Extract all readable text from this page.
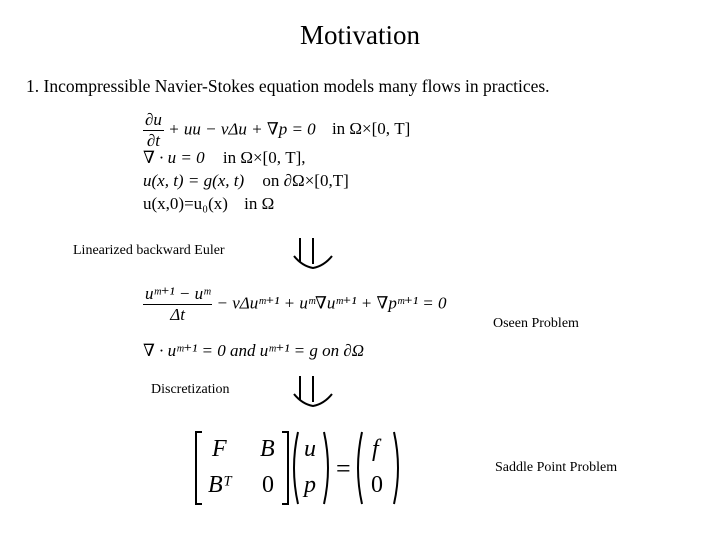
Motivation
1. Incompressible Navier-Stokes equation models many flows in practices.
$\frac{\partial u}{\partial t}$ + uu − νΔu + ∇p = 0 in Ω×[0, T]
∇ · u = 0 in Ω×[0, T],
u(x, t) = g(x, t) on ∂Ω×[0,T]
u(x,0)=u₀(x) in Ω
Linearized backward Euler
$\frac{\text{uᵐ⁺¹ − uᵐ}}{\Delta t}$ − νΔuᵐ⁺¹ + uᵐ∇uᵐ⁺¹ + ∇pᵐ⁺¹ = 0
Oseen Problem
∇ · uᵐ⁺¹ = 0 and uᵐ⁺¹ = g on ∂Ω
Discretization
F B
Bᵀ 0
u
p
=
f
0
Saddle Point Problem
